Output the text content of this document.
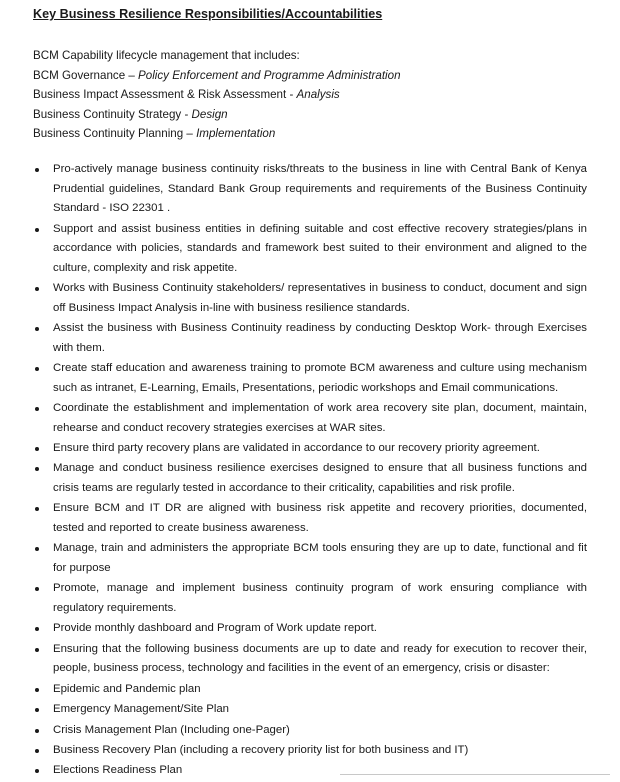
Key Business Resilience Responsibilities/Accountabilities
BCM Capability lifecycle management that includes:
BCM Governance – Policy Enforcement and Programme Administration
Business Impact Assessment & Risk Assessment - Analysis
Business Continuity Strategy - Design
Business Continuity Planning – Implementation
Pro-actively manage business continuity risks/threats to the business in line with Central Bank of Kenya Prudential guidelines, Standard Bank Group requirements and requirements of the Business Continuity Standard - ISO 22301 .
Support and assist business entities in defining suitable and cost effective recovery strategies/plans in accordance with policies, standards and framework best suited to their environment and aligned to the culture, complexity and risk appetite.
Works with Business Continuity stakeholders/ representatives in business to conduct, document and sign off Business Impact Analysis in-line with business resilience standards.
Assist the business with Business Continuity readiness by conducting Desktop Work- through Exercises with them.
Create staff education and awareness training to promote BCM awareness and culture using mechanism such as intranet, E-Learning, Emails, Presentations, periodic workshops and Email communications.
Coordinate the establishment and implementation of work area recovery site plan, document, maintain, rehearse and conduct recovery strategies exercises at WAR sites.
Ensure third party recovery plans are validated in accordance to our recovery priority agreement.
Manage and conduct business resilience exercises designed to ensure that all business functions and crisis teams are regularly tested in accordance to their criticality, capabilities and risk profile.
Ensure BCM and IT DR are aligned with business risk appetite and recovery priorities, documented, tested and reported to create business awareness.
Manage, train and administers the appropriate BCM tools ensuring they are up to date, functional and fit for purpose
Promote, manage and implement business continuity program of work ensuring compliance with regulatory requirements.
Provide monthly dashboard and Program of Work update report.
Ensuring that the following business documents are up to date and ready for execution to recover their, people, business process, technology and facilities in the event of an emergency, crisis or disaster:
Epidemic and Pandemic plan
Emergency Management/Site Plan
Crisis Management Plan (Including one-Pager)
Business Recovery Plan (including a recovery priority list for both business and IT)
Elections Readiness Plan
